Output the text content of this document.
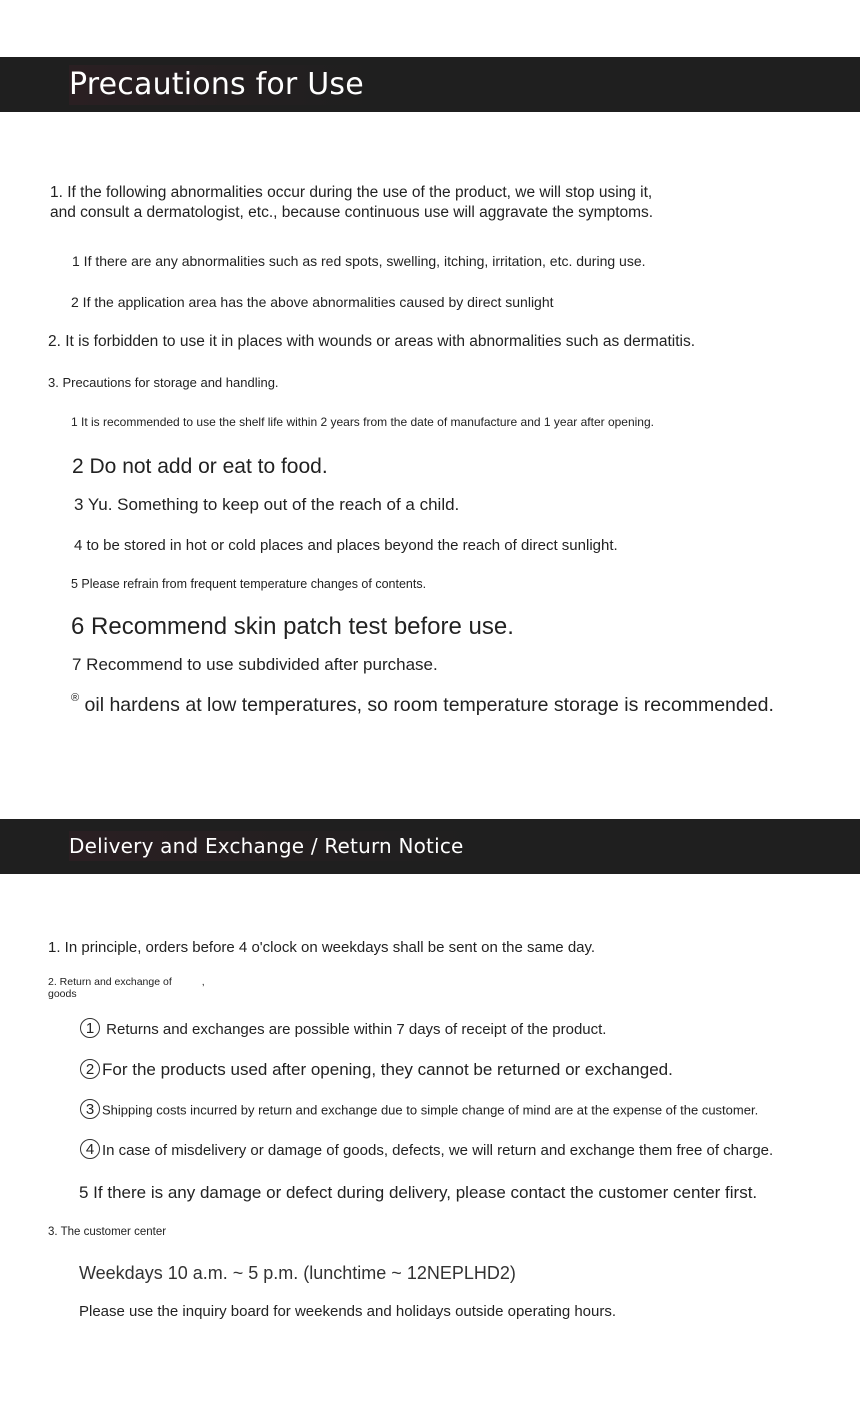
Precautions for Use
1. If the following abnormalities occur during the use of the product, we will stop using it,
and consult a dermatologist, etc., because continuous use will aggravate the symptoms.
1 If there are any abnormalities such as red spots, swelling, itching, irritation, etc. during use.
2 If the application area has the above abnormalities caused by direct sunlight
2. It is forbidden to use it in places with wounds or areas with abnormalities such as dermatitis.
3. Precautions for storage and handling.
1 It is recommended to use the shelf life within 2 years from the date of manufacture and 1 year after opening.
2 Do not add or eat to food.
3 Yu. Something to keep out of the reach of a child.
4 to be stored in hot or cold places and places beyond the reach of direct sunlight.
5 Please refrain from frequent temperature changes of contents.
6 Recommend skin patch test before use.
7 Recommend to use subdivided after purchase.
® oil hardens at low temperatures, so room temperature storage is recommended.
Delivery and Exchange / Return Notice
1. In principle, orders before 4 o'clock on weekdays shall be sent on the same day.
2. Return and exchange of	,
goods
1 Returns and exchanges are possible within 7 days of receipt of the product.
2 For the products used after opening, they cannot be returned or exchanged.
3 Shipping costs incurred by return and exchange due to simple change of mind are at the expense of the customer.
4 In case of misdelivery or damage of goods, defects, we will return and exchange them free of charge.
5 If there is any damage or defect during delivery, please contact the customer center first.
3. The customer center
Weekdays 10 a.m. ~ 5 p.m. (lunchtime ~ 12NEPLHD2)
Please use the inquiry board for weekends and holidays outside operating hours.
